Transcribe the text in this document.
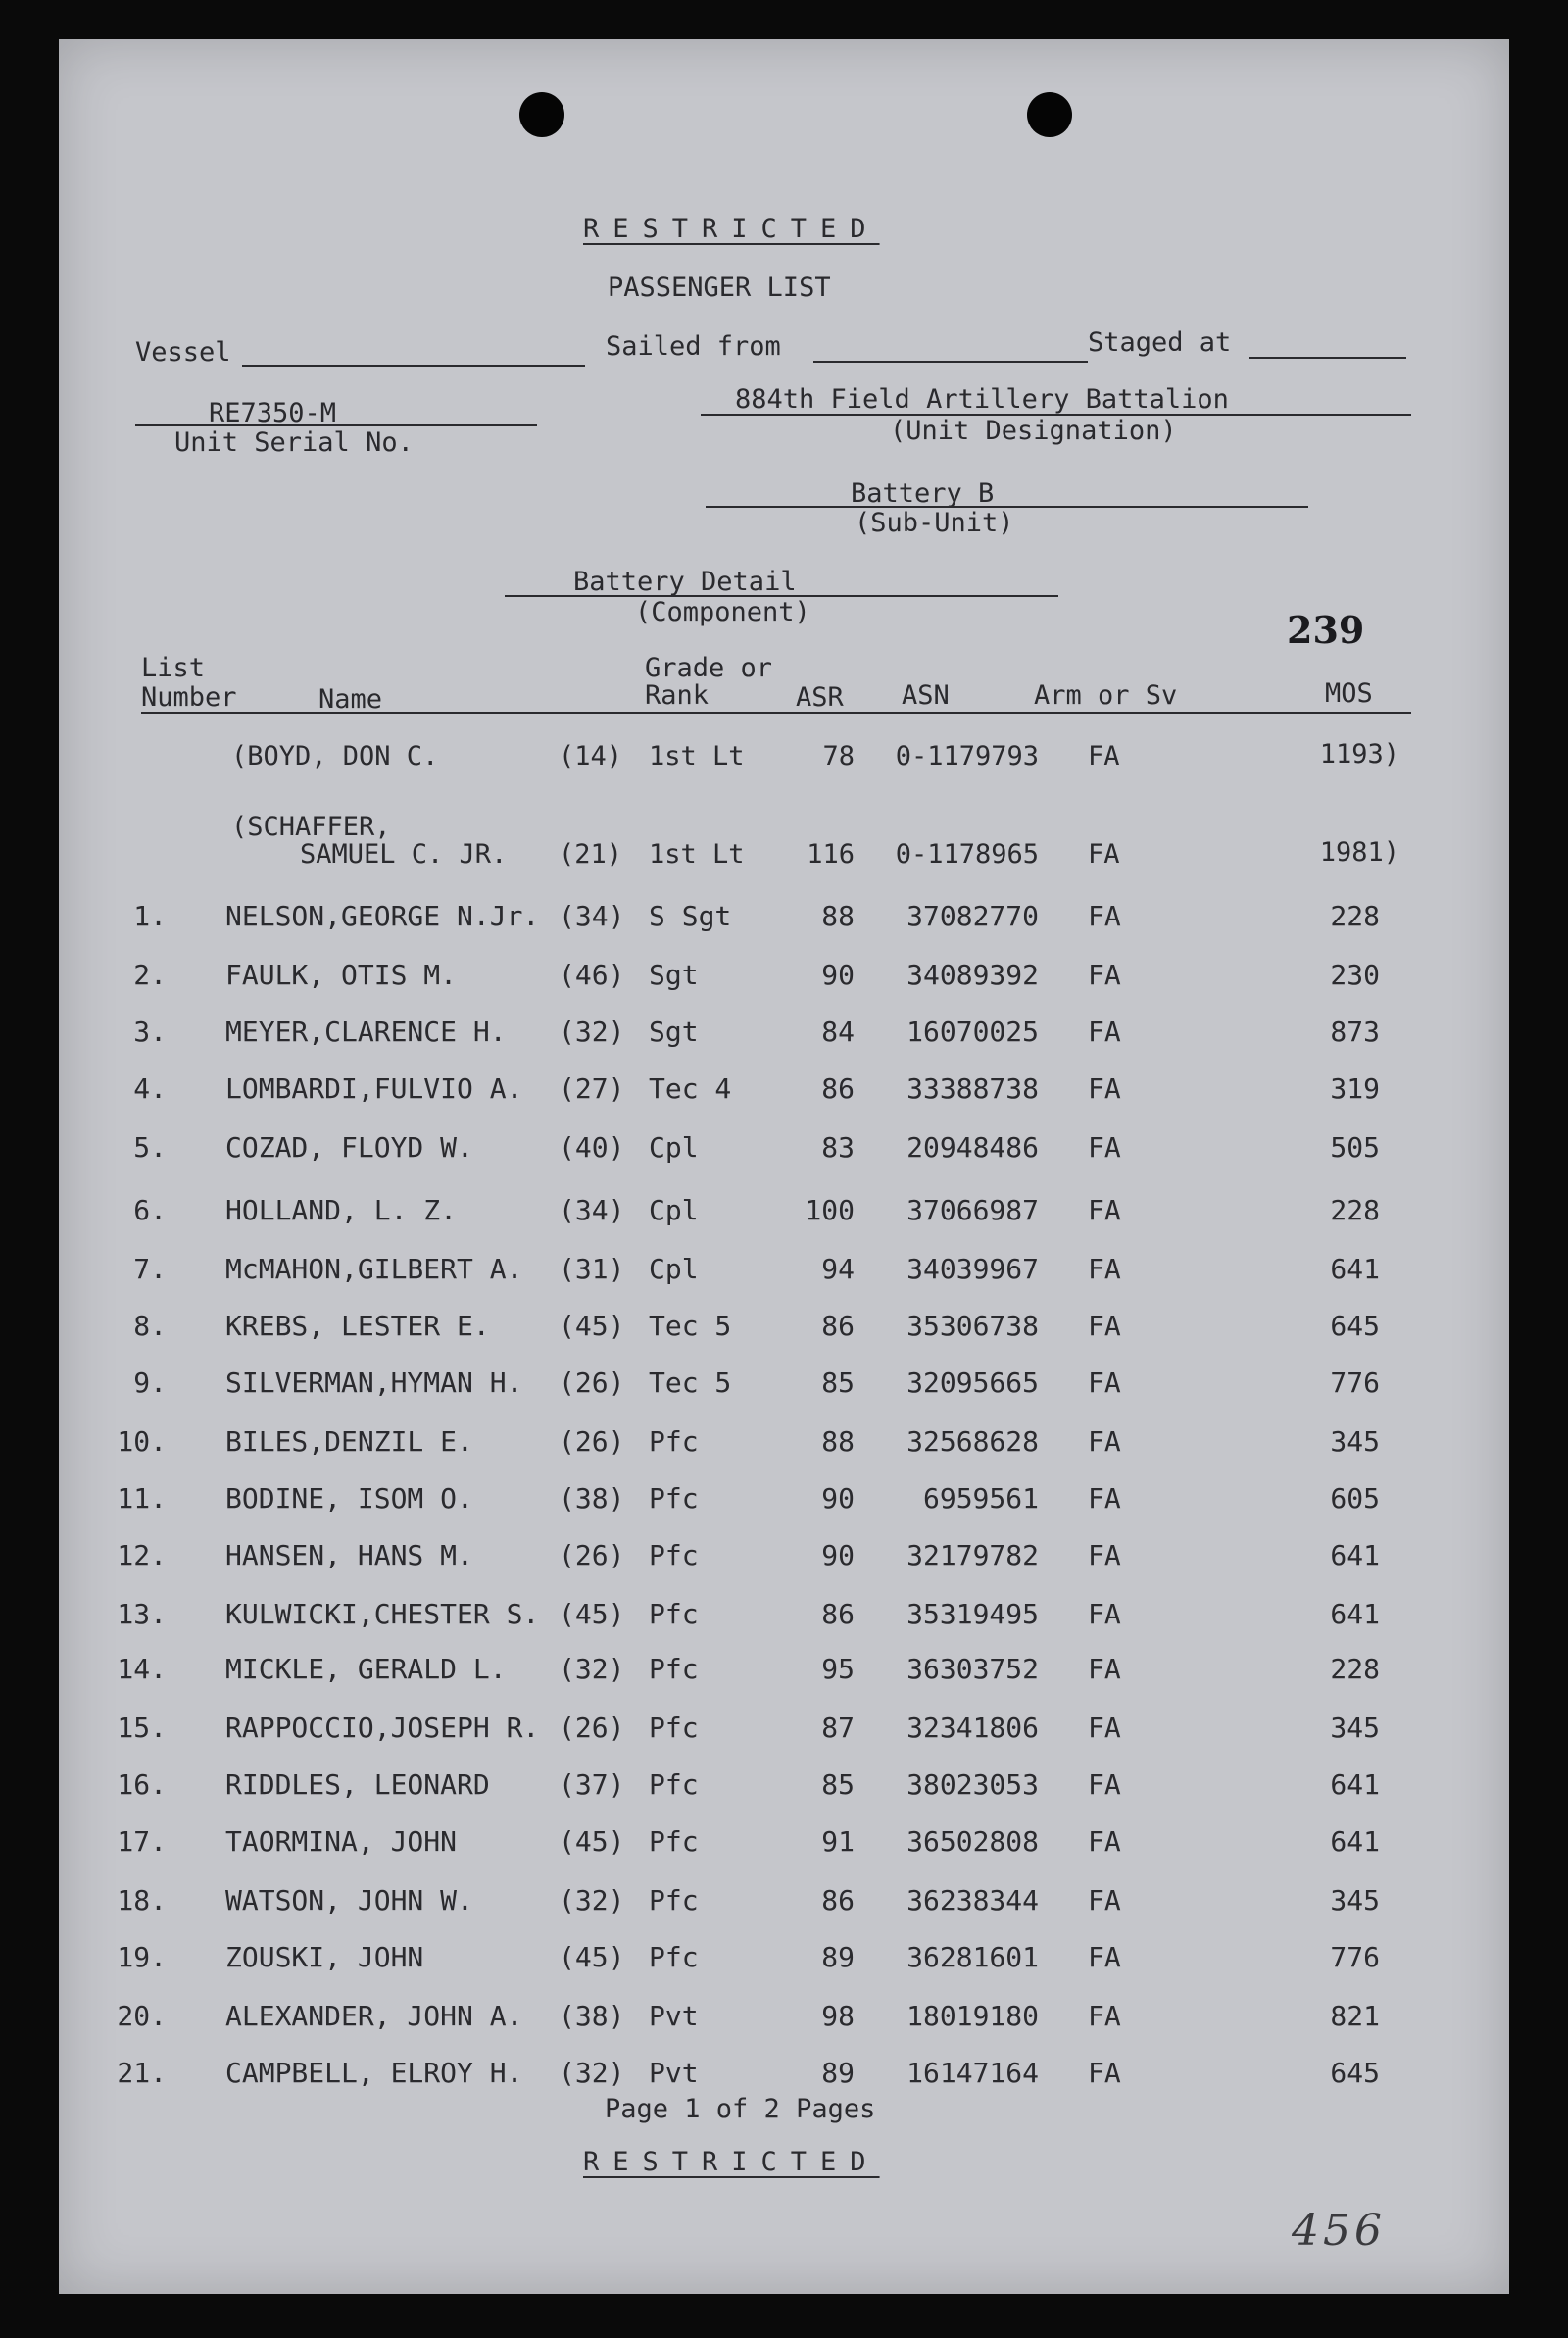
RESTRICTED
PASSENGER LIST
Vessel	Sailed from	Staged at
RE7350-M
Unit Serial No.
884th Field Artillery Battalion
(Unit Designation)
Battery B
(Sub-Unit)
Battery Detail
(Component)	239
List
Number	Name
Grade or
Rank	ASR ASN	Arm or Sv	MOS
(BOYD, DON C.	(14) 1st Lt	78	0-1179793 FA	1193)
(SCHAFFER,
SAMUEL C. JR. (21) 1st Lt	116	0-1178965 FA	1981)
1. NELSON,GEORGE N.Jr. (34) S Sgt	88	37082770 FA	228
2. FAULK, OTIS M.	(46) Sgt	90	34089392 FA	230
3. MEYER,CLARENCE H. (32) Sgt	84	16070025 FA	873
4. LOMBARDI,FULVIO A. (27) Tec 4	86	33388738 FA	319
5. COZAD, FLOYD W.	(40) Cpl	83	20948486 FA	505
6. HOLLAND, L. Z.	(34) Cpl	100	37066987 FA	228
7. McMAHON,GILBERT A. (31) Cpl	94	34039967 FA	641
8. KREBS, LESTER E.	(45) Tec 5	86	35306738 FA	645
9. SILVERMAN,HYMAN H. (26) Tec 5	85	32095665 FA	776
10. BILES,DENZIL E.	(26) Pfc	88	32568628 FA	345
11. BODINE, ISOM O.	(38) Pfc	90	6959561 FA	605
12. HANSEN, HANS M.	(26) Pfc	90	32179782 FA	641
13. KULWICKI,CHESTER S. (45) Pfc	86	35319495 FA	641
14. MICKLE, GERALD L. (32) Pfc	95	36303752 FA	228
15. RAPPOCCIO,JOSEPH R. (26) Pfc	87	32341806 FA	345
16. RIDDLES, LEONARD	(37) Pfc	85	38023053 FA	641
17. TAORMINA, JOHN	(45) Pfc	91	36502808 FA	641
18. WATSON, JOHN W.	(32) Pfc	86	36238344 FA	345
19. ZOUSKI, JOHN	(45) Pfc	89	36281601 FA	776
20. ALEXANDER, JOHN A. (38) Pvt	98	18019180 FA	821
21. CAMPBELL, ELROY H. (32) Pvt	89	16147164 FA	645
Page 1 of 2 Pages
RESTRICTED
456
